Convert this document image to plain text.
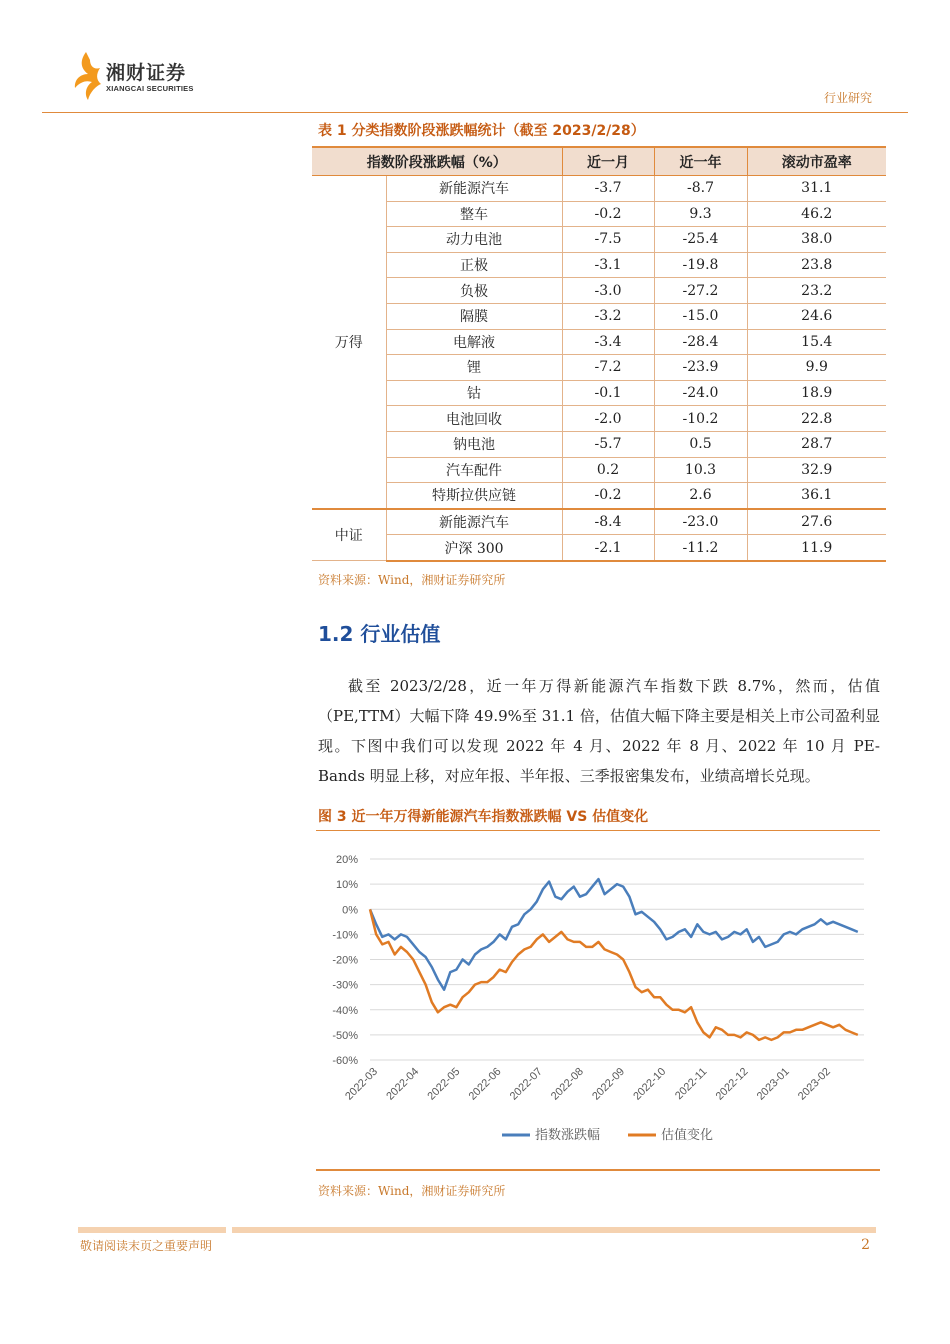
湘财证券
XIANGCAI SECURITIES
行业研究
表 1 分类指数阶段涨跌幅统计（截至 2023/2/28）
指数阶段涨跌幅（%）		近一月	近一年	滚动市盈率
万得	新能源汽车	-3.7	-8.7	31.1
	整车	-0.2	9.3	46.2
	动力电池	-7.5	-25.4	38.0
	正极	-3.1	-19.8	23.8
	负极	-3.0	-27.2	23.2
	隔膜	-3.2	-15.0	24.6
	电解液	-3.4	-28.4	15.4
	锂	-7.2	-23.9	9.9
	钴	-0.1	-24.0	18.9
	电池回收	-2.0	-10.2	22.8
	钠电池	-5.7	0.5	28.7
	汽车配件	0.2	10.3	32.9
	特斯拉供应链	-0.2	2.6	36.1
中证	新能源汽车	-8.4	-23.0	27.6
	沪深 300	-2.1	-11.2	11.9
资料来源：Wind，湘财证券研究所
1.2 行业估值

截至 2023/2/28，近一年万得新能源汽车指数下跌 8.7%，然而，估值（PE,TTM）大幅下降 49.9%至 31.1 倍，估值大幅下降主要是相关上市公司盈利显现。下图中我们可以发现 2022 年 4 月、2022 年 8 月、2022 年 10 月 PE-Bands 明显上移，对应年报、半年报、三季报密集发布，业绩高增长兑现。

图 3 近一年万得新能源汽车指数涨跌幅 VS 估值变化
20%
10%
0%
-10%
-20%
-30%
-40%
-50%
-60%
2022-03 2022-04 2022-05 2022-06 2022-07 2022-08 2022-09 2022-10 2022-11 2022-12 2023-01 2023-02
指数涨跌幅	估值变化
资料来源：Wind，湘财证券研究所
敬请阅读末页之重要声明	2
